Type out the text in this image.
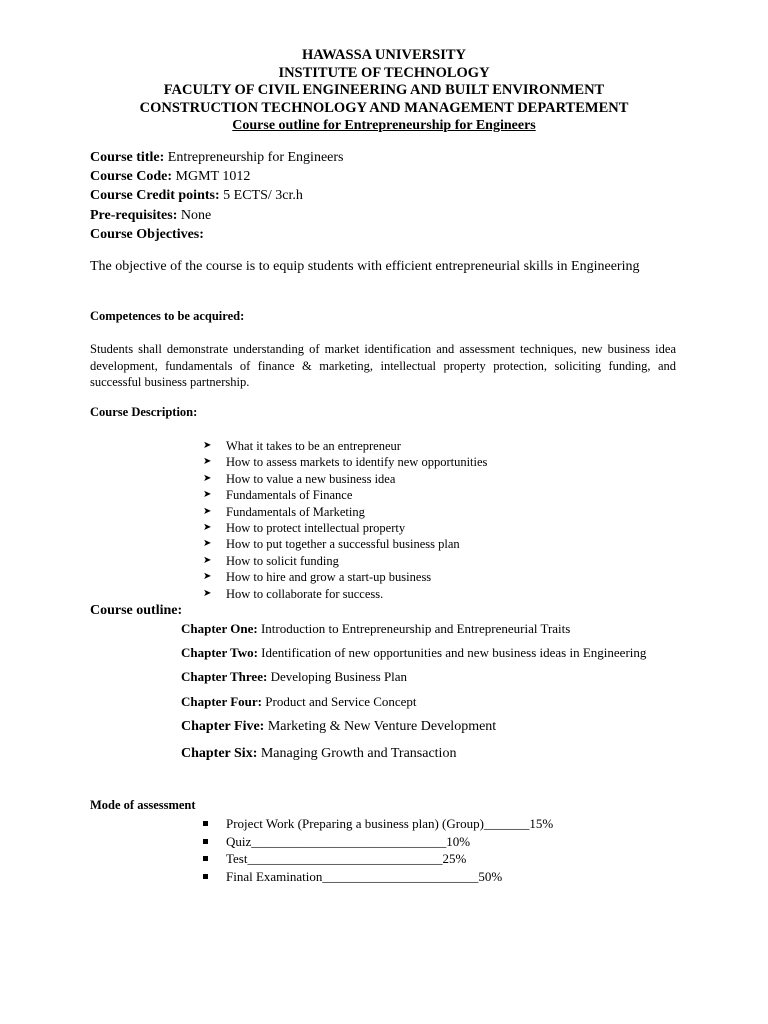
HAWASSA UNIVERSITY
INSTITUTE OF TECHNOLOGY
FACULTY OF CIVIL ENGINEERING AND BUILT ENVIRONMENT
CONSTRUCTION TECHNOLOGY AND MANAGEMENT DEPARTEMENT
Course outline for Entrepreneurship for Engineers
Course title: Entrepreneurship for Engineers
Course Code: MGMT 1012
Course Credit points: 5 ECTS/ 3cr.h
Pre-requisites: None
Course Objectives:
The objective of the course is to equip students with efficient entrepreneurial skills in Engineering
Competences to be acquired:
Students shall demonstrate understanding of market identification and assessment techniques, new business idea development, fundamentals of finance & marketing, intellectual property protection, soliciting funding, and successful business partnership.
Course Description:
➤ What it takes to be an entrepreneur
➤ How to assess markets to identify new opportunities
➤ How to value a new business idea
➤ Fundamentals of Finance
➤ Fundamentals of Marketing
➤ How to protect intellectual property
➤ How to put together a successful business plan
➤ How to solicit funding
➤ How to hire and grow a start-up business
➤ How to collaborate for success.
Course outline:
Chapter One: Introduction to Entrepreneurship and Entrepreneurial Traits
Chapter Two: Identification of new opportunities and new business ideas in Engineering
Chapter Three: Developing Business Plan
Chapter Four: Product and Service Concept
Chapter Five: Marketing & New Venture Development
Chapter Six: Managing Growth and Transaction
Mode of assessment
Project Work (Preparing a business plan) (Group)_______15%
Quiz______________________________10%
Test______________________________25%
Final Examination________________________50%
